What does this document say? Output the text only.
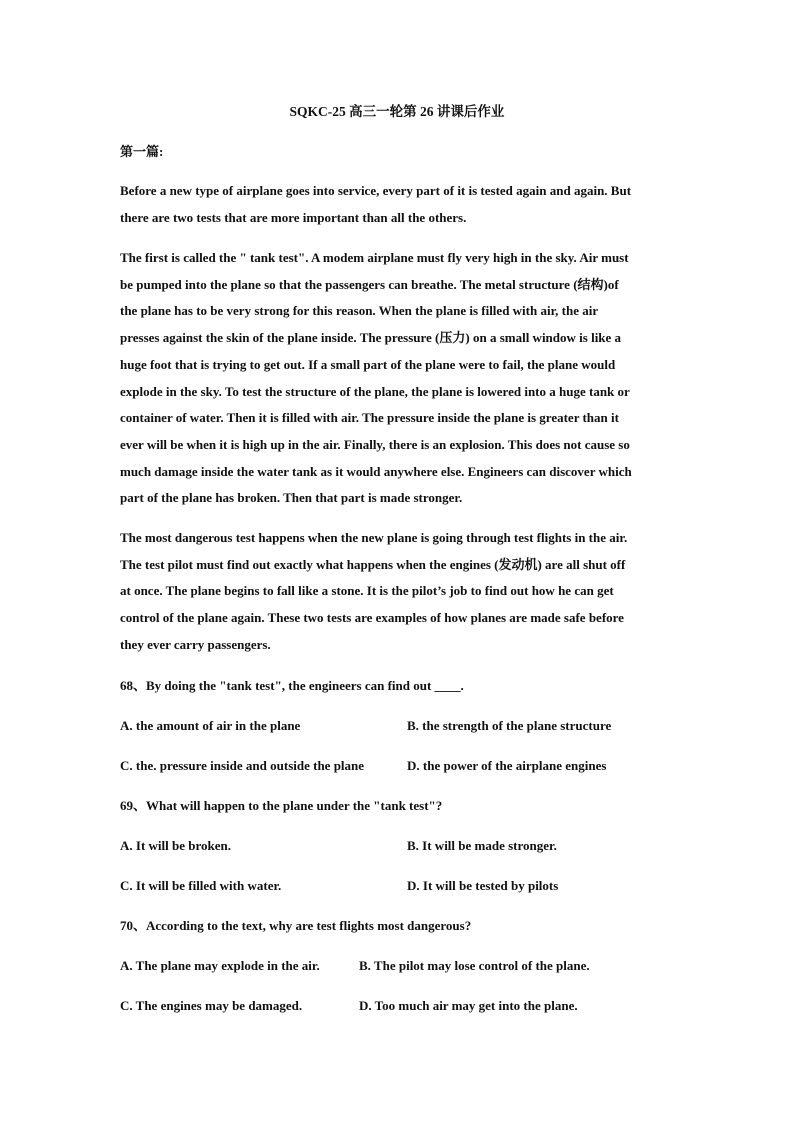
SQKC-25 高三一轮第 26 讲课后作业
第一篇:
Before a new type of airplane goes into service, every part of it is tested again and again. But
there are two tests that are more important than all the others.
The first is called the " tank test". A modem airplane must fly very high in the sky. Air must
be pumped into the plane so that the passengers can breathe. The metal structure (结构)of
the plane has to be very strong for this reason. When the plane is filled with air, the air
presses against the skin of the plane inside. The pressure (压力) on a small window is like a
huge foot that is trying to get out. If a small part of the plane were to fail, the plane would
explode in the sky. To test the structure of the plane, the plane is lowered into a huge tank or
container of water. Then it is filled with air. The pressure inside the plane is greater than it
ever will be when it is high up in the air. Finally, there is an explosion. This does not cause so
much damage inside the water tank as it would anywhere else. Engineers can discover which
part of the plane has broken. Then that part is made stronger.
The most dangerous test happens when the new plane is going through test flights in the air.
The test pilot must find out exactly what happens when the engines (发动机) are all shut off
at once. The plane begins to fall like a stone. It is the pilot’s job to find out how he can get
control of the plane again. These two tests are examples of how planes are made safe before
they ever carry passengers.
68、By doing the "tank test", the engineers can find out ____.
A. the amount of air in the plane	B. the strength of the plane structure
C. the. pressure inside and outside the plane	D. the power of the airplane engines
69、What will happen to the plane under the "tank test"?
A. It will be broken.	B. It will be made stronger.
C. It will be filled with water.	D. It will be tested by pilots
70、According to the text, why are test flights most dangerous?
A. The plane may explode in the air.	B. The pilot may lose control of the plane.
C. The engines may be damaged.	D. Too much air may get into the plane.
